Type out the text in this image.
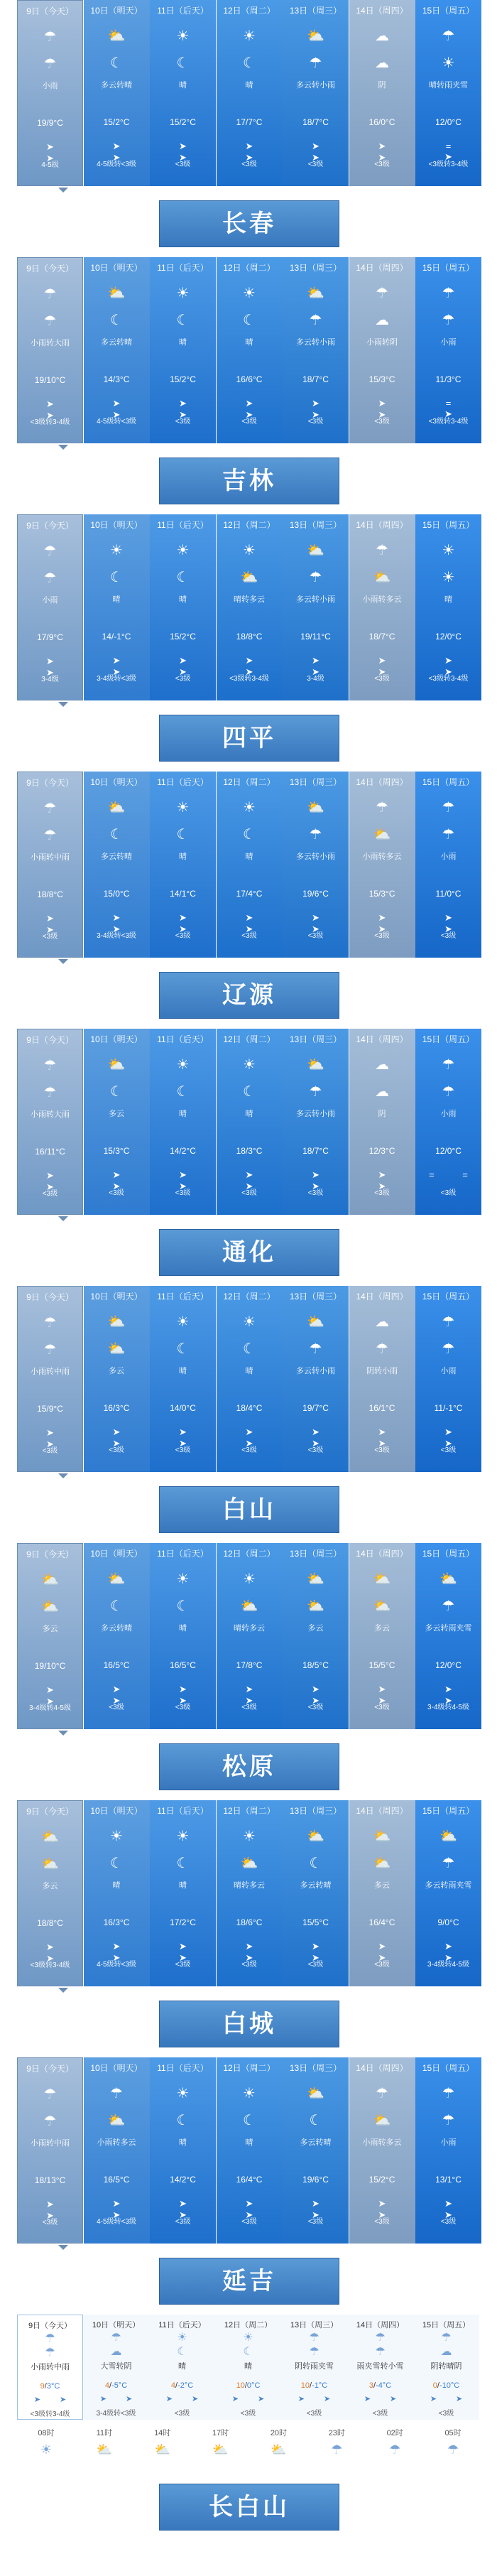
9日（今天）
☂
☂
小雨
19/9°C
➤ ➤
4-5级
10日（明天）
⛅
☾
多云转晴
15/2°C
➤ ➤
4-5级转<3级
11日（后天）
☀
☾
晴
15/2°C
➤ ➤
<3级
12日（周二）
☀
☾
晴
17/7°C
➤ ➤
<3级
13日（周三）
⛅
☂
多云转小雨
18/7°C
➤ ➤
<3级
14日（周四）
☁
☁
阴
16/0°C
➤ ➤
<3级
15日（周五）
☂
☀
晴转雨夹雪
12/0°C
= ➤
<3级转3-4级
长春
9日（今天）
☂
☂
小雨转大雨
19/10°C
➤ ➤
<3级转3-4级
10日（明天）
⛅
☾
多云转晴
14/3°C
➤ ➤
4-5级转<3级
11日（后天）
☀
☾
晴
15/2°C
➤ ➤
<3级
12日（周二）
☀
☾
晴
16/6°C
➤ ➤
<3级
13日（周三）
⛅
☂
多云转小雨
18/7°C
➤ ➤
<3级
14日（周四）
☂
☁
小雨转阴
15/3°C
➤ ➤
<3级
15日（周五）
☂
☂
小雨
11/3°C
= ➤
<3级转3-4级
吉林
9日（今天）
☂
☂
小雨
17/9°C
➤ ➤
3-4级
10日（明天）
☀
☾
晴
14/-1°C
➤ ➤
3-4级转<3级
11日（后天）
☀
☾
晴
15/2°C
➤ ➤
<3级
12日（周二）
☀
⛅
晴转多云
18/8°C
➤ ➤
<3级转3-4级
13日（周三）
⛅
☂
多云转小雨
19/11°C
➤ ➤
3-4级
14日（周四）
☂
⛅
小雨转多云
18/7°C
➤ ➤
<3级
15日（周五）
☀
☀
晴
12/0°C
➤ ➤
<3级转3-4级
四平
9日（今天）
☂
☂
小雨转中雨
18/8°C
➤ ➤
<3级
10日（明天）
⛅
☾
多云转晴
15/0°C
➤ ➤
3-4级转<3级
11日（后天）
☀
☾
晴
14/1°C
➤ ➤
<3级
12日（周二）
☀
☾
晴
17/4°C
➤ ➤
<3级
13日（周三）
⛅
☂
多云转小雨
19/6°C
➤ ➤
<3级
14日（周四）
☂
⛅
小雨转多云
15/3°C
➤ ➤
<3级
15日（周五）
☂
☂
小雨
11/0°C
➤ ➤
<3级
辽源
9日（今天）
☂
☂
小雨转大雨
16/11°C
➤ ➤
<3级
10日（明天）
⛅
☾
多云
15/3°C
➤ ➤
<3级
11日（后天）
☀
☾
晴
14/2°C
➤ ➤
<3级
12日（周二）
☀
☾
晴
18/3°C
➤ ➤
<3级
13日（周三）
⛅
☂
多云转小雨
18/7°C
➤ ➤
<3级
14日（周四）
☁
☁
阴
12/3°C
➤ ➤
<3级
15日（周五）
☂
☂
小雨
12/0°C
= =
<3级
通化
9日（今天）
☂
☂
小雨转中雨
15/9°C
➤ ➤
<3级
10日（明天）
⛅
⛅
多云
16/3°C
➤ ➤
<3级
11日（后天）
☀
☾
晴
14/0°C
➤ ➤
<3级
12日（周二）
☀
☾
晴
18/4°C
➤ ➤
<3级
13日（周三）
⛅
☂
多云转小雨
19/7°C
➤ ➤
<3级
14日（周四）
☁
☂
阴转小雨
16/1°C
➤ ➤
<3级
15日（周五）
☂
☂
小雨
11/-1°C
➤ ➤
<3级
白山
9日（今天）
⛅
⛅
多云
19/10°C
➤ ➤
3-4级转4-5级
10日（明天）
⛅
☾
多云转晴
16/5°C
➤ ➤
<3级
11日（后天）
☀
☾
晴
16/5°C
➤ ➤
<3级
12日（周二）
☀
⛅
晴转多云
17/8°C
➤ ➤
<3级
13日（周三）
⛅
⛅
多云
18/5°C
➤ ➤
<3级
14日（周四）
⛅
⛅
多云
15/5°C
➤ ➤
<3级
15日（周五）
⛅
☂
多云转雨夹雪
12/0°C
➤ ➤
3-4级转4-5级
松原
9日（今天）
⛅
⛅
多云
18/8°C
➤ ➤
<3级转3-4级
10日（明天）
☀
☾
晴
16/3°C
➤ ➤
4-5级转<3级
11日（后天）
☀
☾
晴
17/2°C
➤ ➤
<3级
12日（周二）
☀
⛅
晴转多云
18/6°C
➤ ➤
<3级
13日（周三）
⛅
☾
多云转晴
15/5°C
➤ ➤
<3级
14日（周四）
⛅
⛅
多云
16/4°C
➤ ➤
<3级
15日（周五）
⛅
☂
多云转雨夹雪
9/0°C
➤ ➤
3-4级转4-5级
白城
9日（今天）
☂
☂
小雨转中雨
18/13°C
➤ ➤
<3级
10日（明天）
☂
⛅
小雨转多云
16/5°C
➤ ➤
4-5级转<3级
11日（后天）
☀
☾
晴
14/2°C
➤ ➤
<3级
12日（周二）
☀
☾
晴
16/4°C
➤ ➤
<3级
13日（周三）
⛅
☾
多云转晴
19/6°C
➤ ➤
<3级
14日（周四）
☂
⛅
小雨转多云
15/2°C
➤ ➤
<3级
15日（周五）
☂
☂
小雨
13/1°C
➤ ➤
<3级
延吉
9日（今天）
☂
☂
小雨转中雨
9/3°C
➤ ➤
<3级转3-4级
10日（明天）
☂
☁
大雪转阴
4/-5°C
➤ ➤
3-4级转<3级
11日（后天）
☀
☾
晴
4/-2°C
➤ ➤
<3级
12日（周二）
☀
☾
晴
10/0°C
➤ ➤
<3级
13日（周三）
☂
☂
阴转雨夹雪
10/-1°C
➤ ➤
<3级
14日（周四）
☂
☂
雨夹雪转小雪
3/-4°C
➤ ➤
<3级
15日（周五）
☂
☁
阴转晴阴
0/-10°C
➤ ➤
<3级
08时
☀
11时
⛅
14时
⛅
17时
⛅
20时
⛅
23时
☂
02时
☂
05时
☂
长白山
